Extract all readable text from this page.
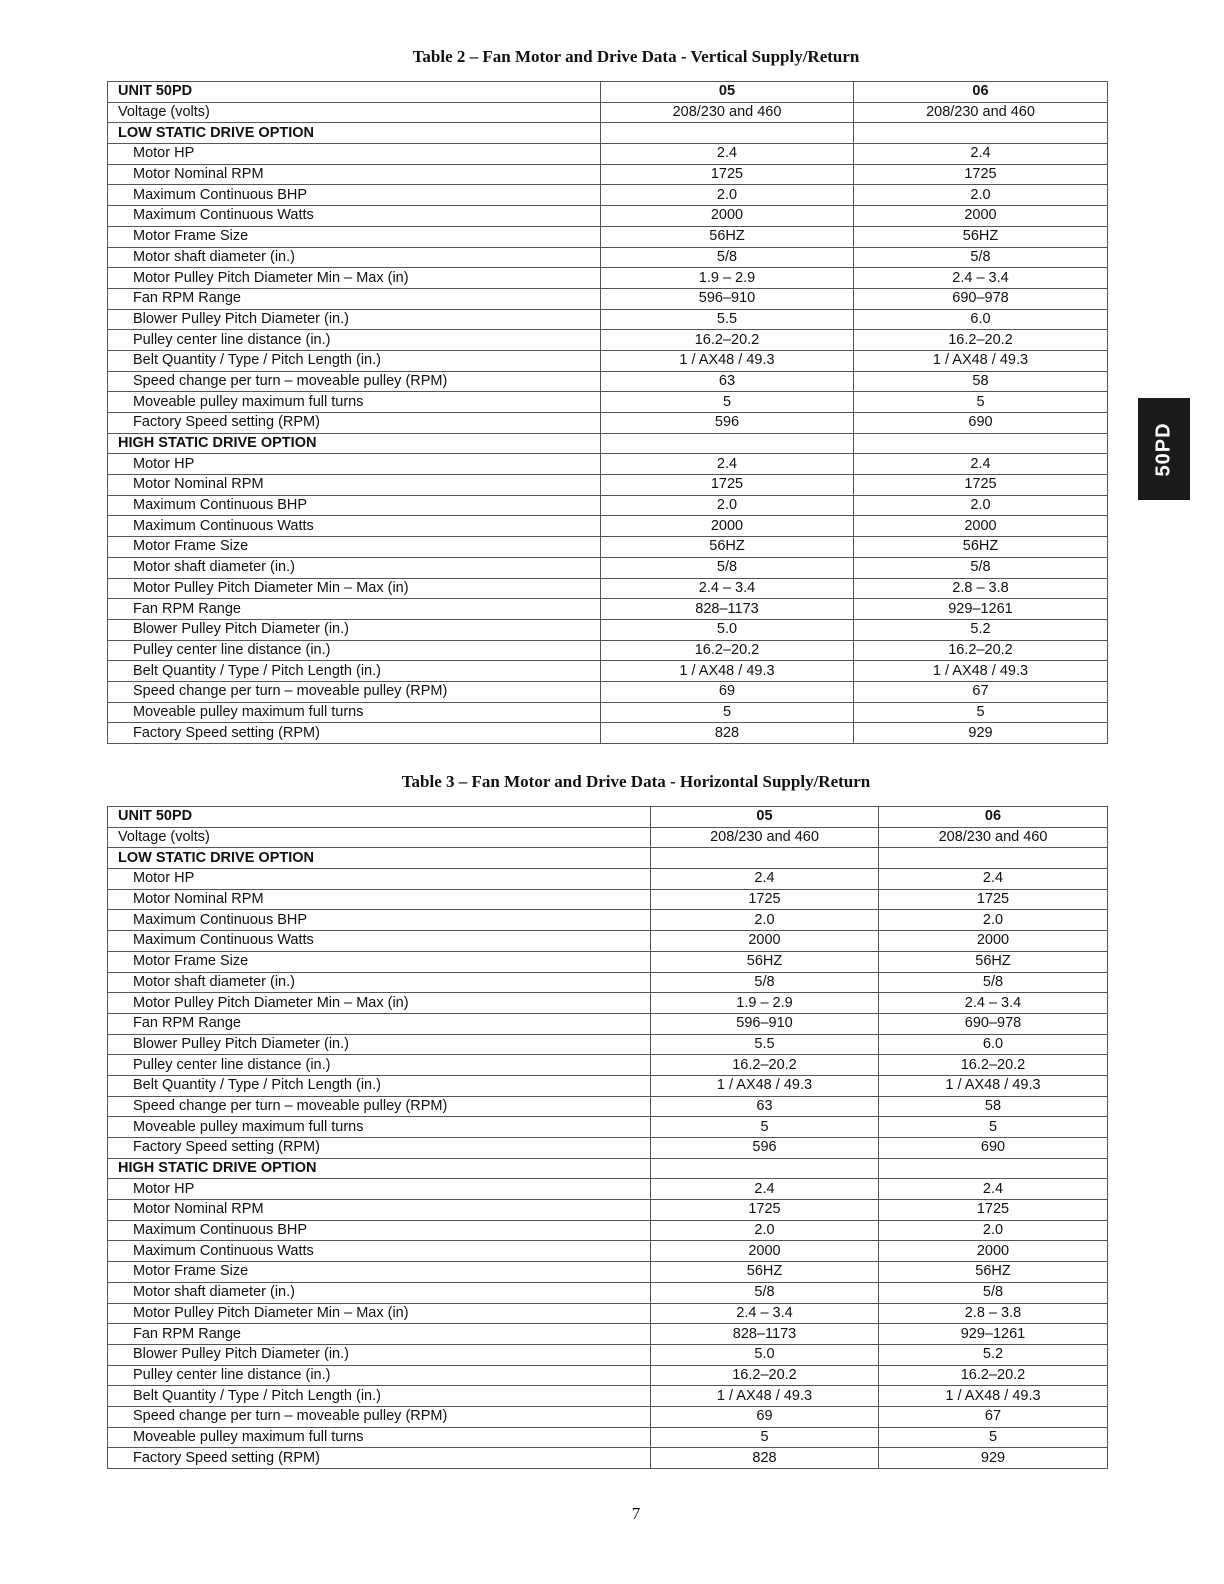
Table 2 – Fan Motor and Drive Data - Vertical Supply/Return
UNIT 50PD	05	06
Voltage (volts)	208/230 and 460	208/230 and 460
LOW STATIC DRIVE OPTION		
Motor HP	2.4	2.4
Motor Nominal RPM	1725	1725
Maximum Continuous BHP	2.0	2.0
Maximum Continuous Watts	2000	2000
Motor Frame Size	56HZ	56HZ
Motor shaft diameter (in.)	5/8	5/8
Motor Pulley Pitch Diameter Min – Max (in)	1.9 – 2.9	2.4 – 3.4
Fan RPM Range	596–910	690–978
Blower Pulley Pitch Diameter (in.)	5.5	6.0
Pulley center line distance (in.)	16.2–20.2	16.2–20.2
Belt Quantity / Type / Pitch Length (in.)	1 / AX48 / 49.3	1 / AX48 / 49.3
Speed change per turn – moveable pulley (RPM)	63	58
Moveable pulley maximum full turns	5	5
Factory Speed setting (RPM)	596	690
HIGH STATIC DRIVE OPTION		
Motor HP	2.4	2.4
Motor Nominal RPM	1725	1725
Maximum Continuous BHP	2.0	2.0
Maximum Continuous Watts	2000	2000
Motor Frame Size	56HZ	56HZ
Motor shaft diameter (in.)	5/8	5/8
Motor Pulley Pitch Diameter Min – Max (in)	2.4 – 3.4	2.8 – 3.8
Fan RPM Range	828–1173	929–1261
Blower Pulley Pitch Diameter (in.)	5.0	5.2
Pulley center line distance (in.)	16.2–20.2	16.2–20.2
Belt Quantity / Type / Pitch Length (in.)	1 / AX48 / 49.3	1 / AX48 / 49.3
Speed change per turn – moveable pulley (RPM)	69	67
Moveable pulley maximum full turns	5	5
Factory Speed setting (RPM)	828	929
Table 3 – Fan Motor and Drive Data - Horizontal Supply/Return
UNIT 50PD	05	06
Voltage (volts)	208/230 and 460	208/230 and 460
LOW STATIC DRIVE OPTION		
Motor HP	2.4	2.4
Motor Nominal RPM	1725	1725
Maximum Continuous BHP	2.0	2.0
Maximum Continuous Watts	2000	2000
Motor Frame Size	56HZ	56HZ
Motor shaft diameter (in.)	5/8	5/8
Motor Pulley Pitch Diameter Min – Max (in)	1.9 – 2.9	2.4 – 3.4
Fan RPM Range	596–910	690–978
Blower Pulley Pitch Diameter (in.)	5.5	6.0
Pulley center line distance (in.)	16.2–20.2	16.2–20.2
Belt Quantity / Type / Pitch Length (in.)	1 / AX48 / 49.3	1 / AX48 / 49.3
Speed change per turn – moveable pulley (RPM)	63	58
Moveable pulley maximum full turns	5	5
Factory Speed setting (RPM)	596	690
HIGH STATIC DRIVE OPTION		
Motor HP	2.4	2.4
Motor Nominal RPM	1725	1725
Maximum Continuous BHP	2.0	2.0
Maximum Continuous Watts	2000	2000
Motor Frame Size	56HZ	56HZ
Motor shaft diameter (in.)	5/8	5/8
Motor Pulley Pitch Diameter Min – Max (in)	2.4 – 3.4	2.8 – 3.8
Fan RPM Range	828–1173	929–1261
Blower Pulley Pitch Diameter (in.)	5.0	5.2
Pulley center line distance (in.)	16.2–20.2	16.2–20.2
Belt Quantity / Type / Pitch Length (in.)	1 / AX48 / 49.3	1 / AX48 / 49.3
Speed change per turn – moveable pulley (RPM)	69	67
Moveable pulley maximum full turns	5	5
Factory Speed setting (RPM)	828	929
50PD
7
